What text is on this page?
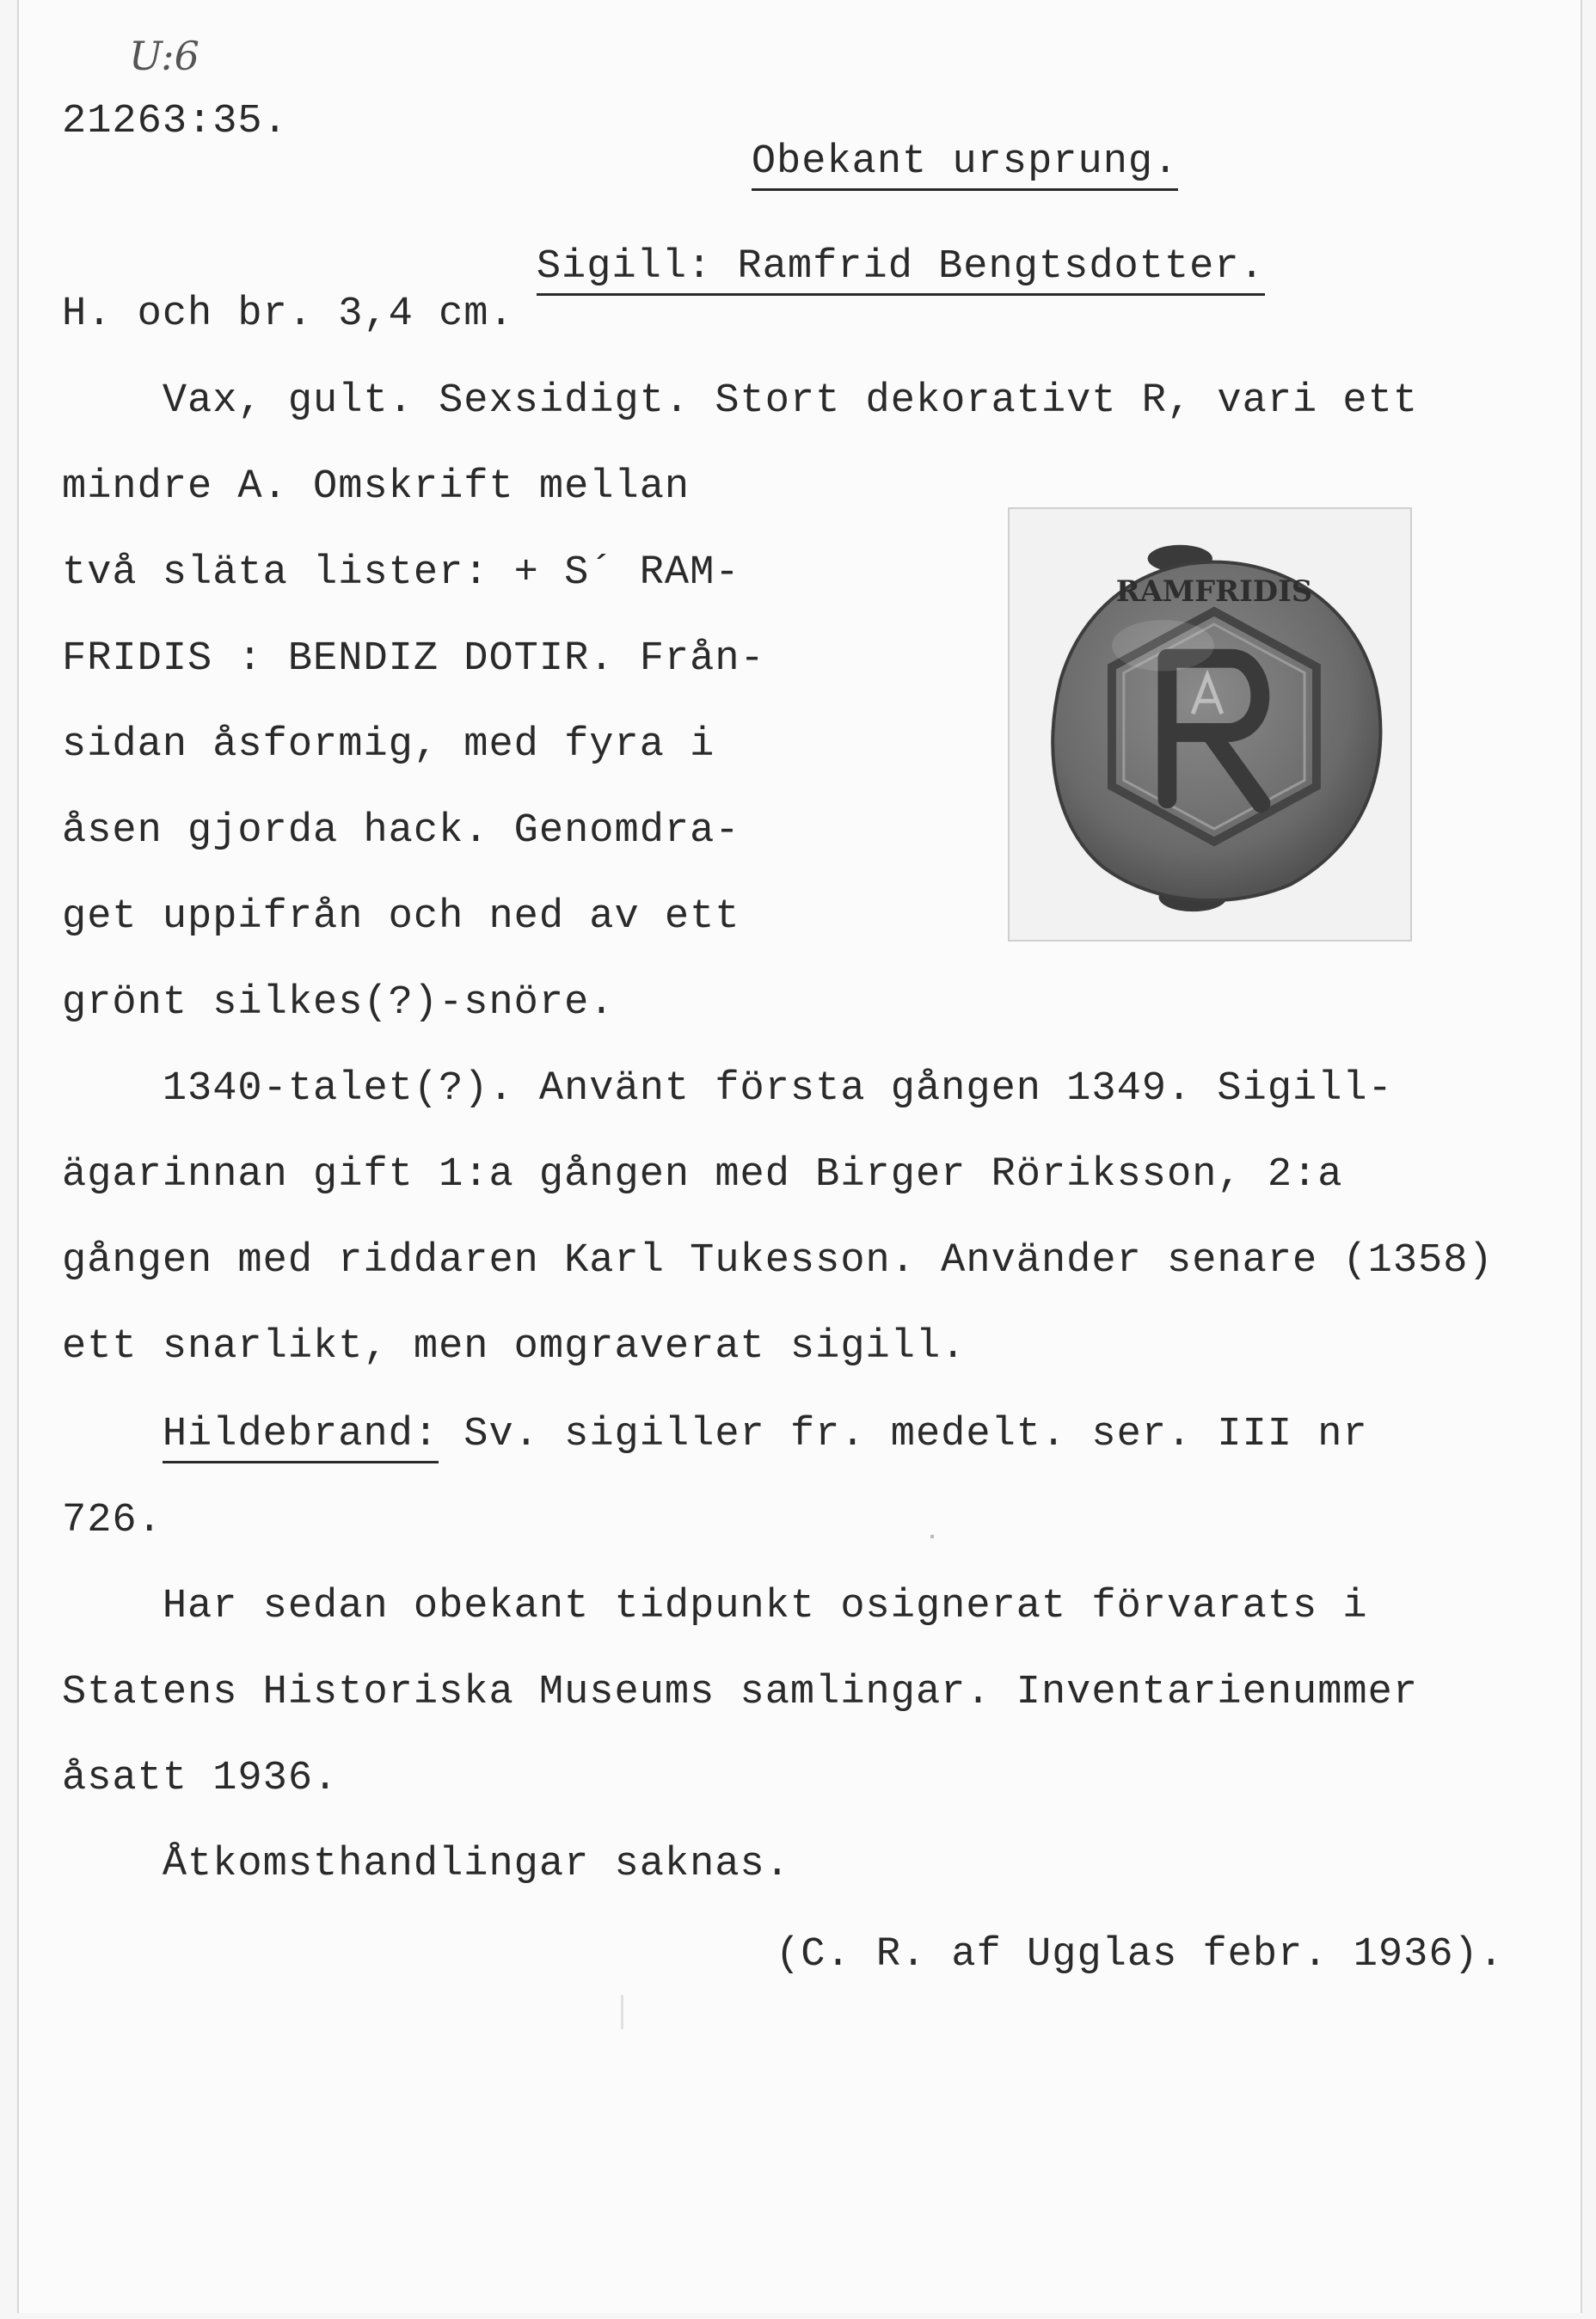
U:6
21263:35.

Obekant ursprung.

Sigill: Ramfrid Bengtsdotter.

H. och br. 3,4 cm.
Vax, gult. Sexsidigt. Stort dekorativt R, vari ett
mindre A. Omskrift mellan
två släta lister: + S´ RAM-
FRIDIS : BENDIZ DOTIR. Från-
sidan åsformig, med fyra i
åsen gjorda hack. Genomdra-
get uppifrån och ned av ett
grönt silkes(?)-snöre.
RAMFRIDIS
1340-talet(?). Använt första gången 1349. Sigill-
ägarinnan gift 1:a gången med Birger Röriksson, 2:a
gången med riddaren Karl Tukesson. Använder senare (1358)
ett snarlikt, men omgraverat sigill.
Hildebrand: Sv. sigiller fr. medelt. ser. III nr
726.
Har sedan obekant tidpunkt osignerat förvarats i
Statens Historiska Museums samlingar. Inventarienummer
åsatt 1936.
Åtkomsthandlingar saknas.
(C. R. af Ugglas febr. 1936).
